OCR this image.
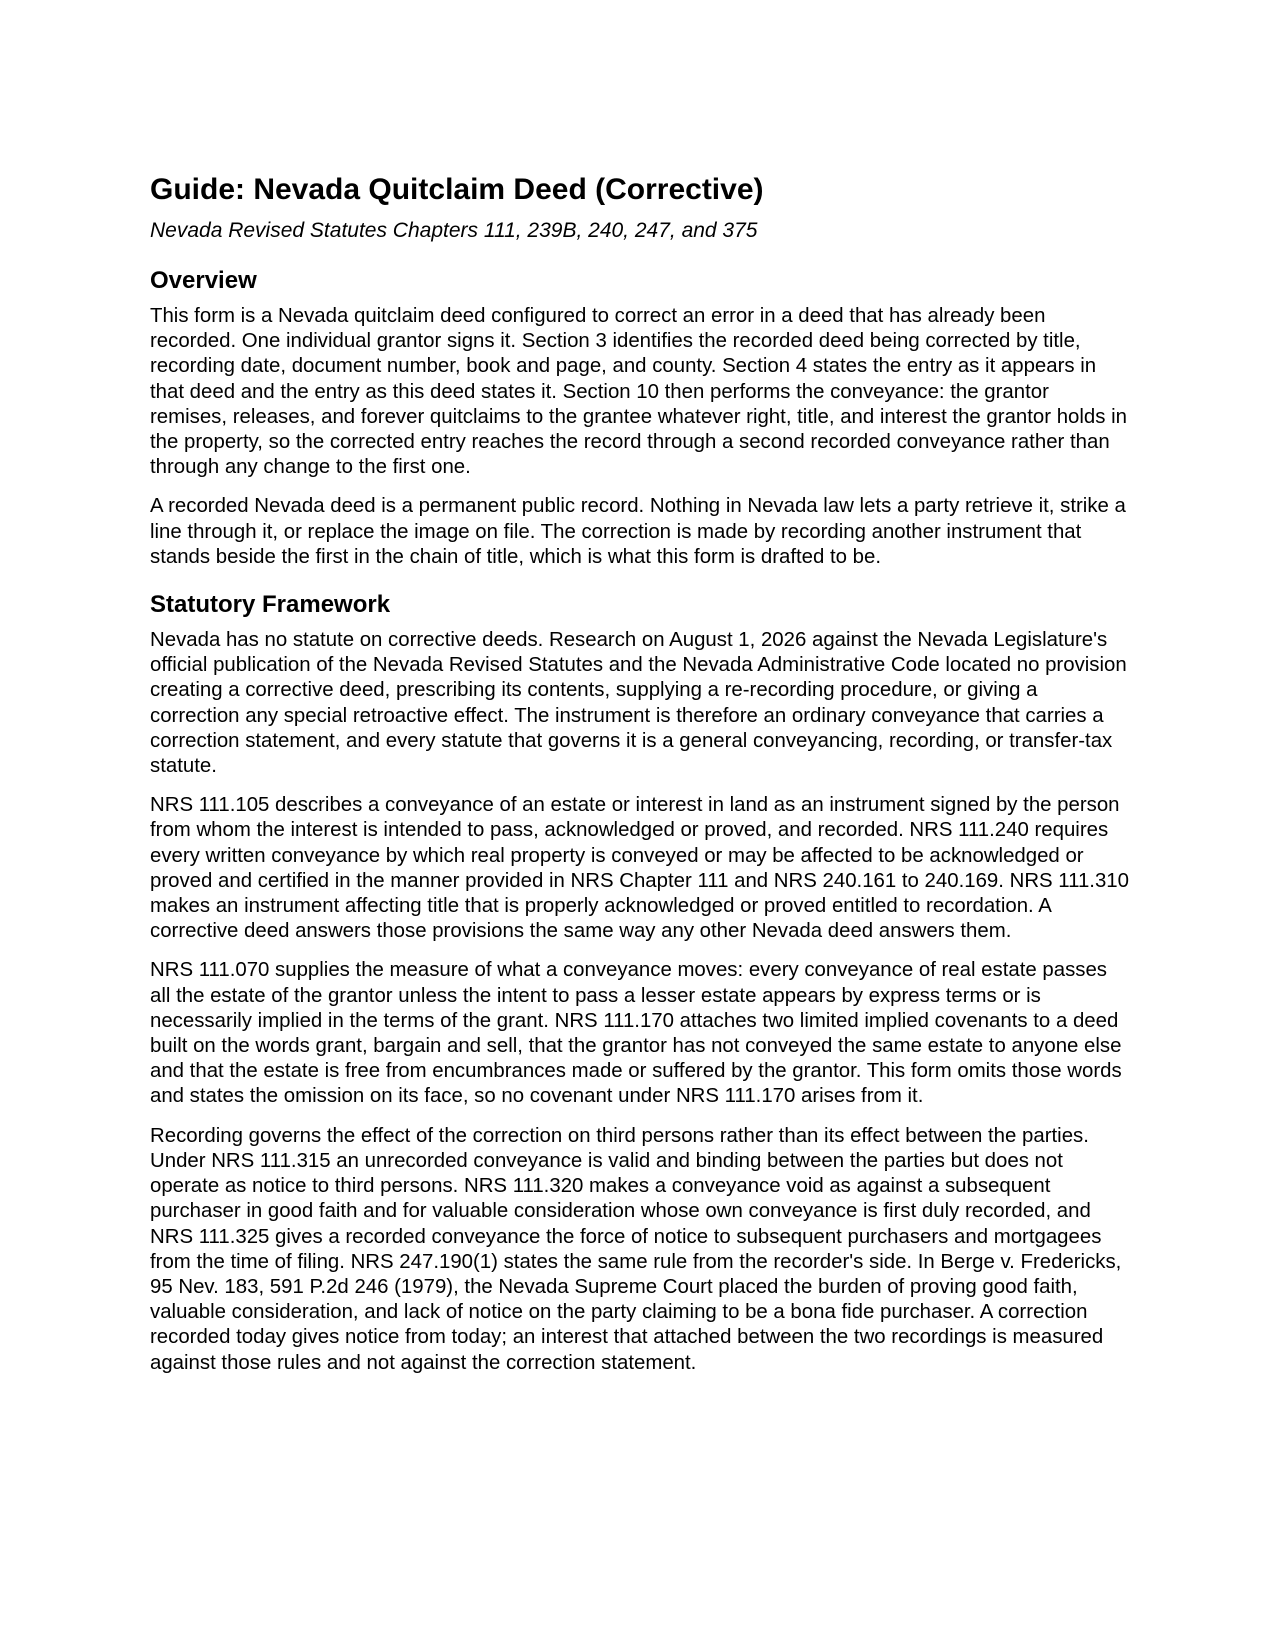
Guide: Nevada Quitclaim Deed (Corrective)

Nevada Revised Statutes Chapters 111, 239B, 240, 247, and 375

Overview

This form is a Nevada quitclaim deed configured to correct an error in a deed that has already been recorded. One individual grantor signs it. Section 3 identifies the recorded deed being corrected by title, recording date, document number, book and page, and county. Section 4 states the entry as it appears in that deed and the entry as this deed states it. Section 10 then performs the conveyance: the grantor remises, releases, and forever quitclaims to the grantee whatever right, title, and interest the grantor holds in the property, so the corrected entry reaches the record through a second recorded conveyance rather than through any change to the first one.

A recorded Nevada deed is a permanent public record. Nothing in Nevada law lets a party retrieve it, strike a line through it, or replace the image on file. The correction is made by recording another instrument that stands beside the first in the chain of title, which is what this form is drafted to be.

Statutory Framework

Nevada has no statute on corrective deeds. Research on August 1, 2026 against the Nevada Legislature's official publication of the Nevada Revised Statutes and the Nevada Administrative Code located no provision creating a corrective deed, prescribing its contents, supplying a re-recording procedure, or giving a correction any special retroactive effect. The instrument is therefore an ordinary conveyance that carries a correction statement, and every statute that governs it is a general conveyancing, recording, or transfer-tax statute.

NRS 111.105 describes a conveyance of an estate or interest in land as an instrument signed by the person from whom the interest is intended to pass, acknowledged or proved, and recorded. NRS 111.240 requires every written conveyance by which real property is conveyed or may be affected to be acknowledged or proved and certified in the manner provided in NRS Chapter 111 and NRS 240.161 to 240.169. NRS 111.310 makes an instrument affecting title that is properly acknowledged or proved entitled to recordation. A corrective deed answers those provisions the same way any other Nevada deed answers them.

NRS 111.070 supplies the measure of what a conveyance moves: every conveyance of real estate passes all the estate of the grantor unless the intent to pass a lesser estate appears by express terms or is necessarily implied in the terms of the grant. NRS 111.170 attaches two limited implied covenants to a deed built on the words grant, bargain and sell, that the grantor has not conveyed the same estate to anyone else and that the estate is free from encumbrances made or suffered by the grantor. This form omits those words and states the omission on its face, so no covenant under NRS 111.170 arises from it.

Recording governs the effect of the correction on third persons rather than its effect between the parties. Under NRS 111.315 an unrecorded conveyance is valid and binding between the parties but does not operate as notice to third persons. NRS 111.320 makes a conveyance void as against a subsequent purchaser in good faith and for valuable consideration whose own conveyance is first duly recorded, and NRS 111.325 gives a recorded conveyance the force of notice to subsequent purchasers and mortgagees from the time of filing. NRS 247.190(1) states the same rule from the recorder's side. In Berge v. Fredericks, 95 Nev. 183, 591 P.2d 246 (1979), the Nevada Supreme Court placed the burden of proving good faith, valuable consideration, and lack of notice on the party claiming to be a bona fide purchaser. A correction recorded today gives notice from today; an interest that attached between the two recordings is measured against those rules and not against the correction statement.
